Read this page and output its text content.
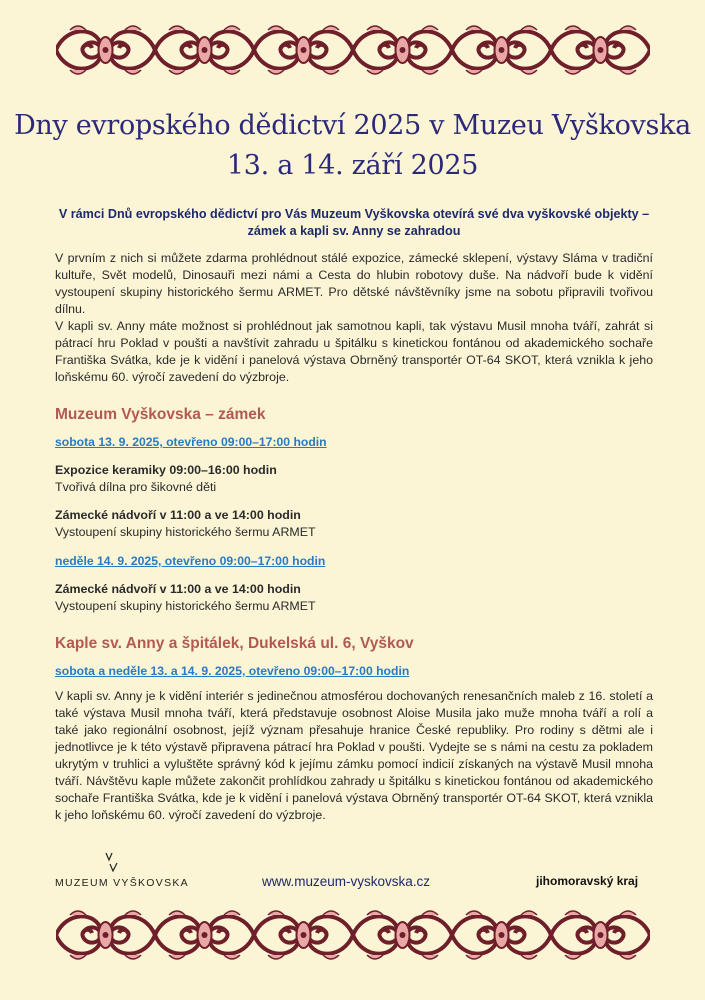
Dny evropského dědictví 2025 v Muzeu Vyškovska
13. a 14. září 2025
V rámci Dnů evropského dědictví pro Vás Muzeum Vyškovska otevírá své dva vyškovské objekty – zámek a kapli sv. Anny se zahradou
V prvním z nich si můžete zdarma prohlédnout stálé expozice, zámecké sklepení, výstavy Sláma v tradiční kultuře, Svět modelů, Dinosauři mezi námi a Cesta do hlubin robotovy duše. Na nádvoří bude k vidění vystoupení skupiny historického šermu ARMET. Pro dětské návštěvníky jsme na sobotu připravili tvořivou dílnu.
V kapli sv. Anny máte možnost si prohlédnout jak samotnou kapli, tak výstavu Musil mnoha tváří, zahrát si pátrací hru Poklad v poušti a navštívit zahradu u špitálku s kinetickou fontánou od akademického sochaře Františka Svátka, kde je k vidění i panelová výstava Obrněný transportér OT-64 SKOT, která vznikla k jeho loňskému 60. výročí zavedení do výzbroje.
Muzeum Vyškovska – zámek
sobota 13. 9. 2025, otevřeno 09:00–17:00 hodin
Expozice keramiky 09:00–16:00 hodin
Tvořivá dílna pro šikovné děti
Zámecké nádvoří v 11:00 a ve 14:00 hodin
Vystoupení skupiny historického šermu ARMET
neděle 14. 9. 2025, otevřeno 09:00–17:00 hodin
Zámecké nádvoří v 11:00 a ve 14:00 hodin
Vystoupení skupiny historického šermu ARMET
Kaple sv. Anny a špitálek, Dukelská ul. 6, Vyškov
sobota a neděle 13. a 14. 9. 2025, otevřeno 09:00–17:00 hodin
V kapli sv. Anny je k vidění interiér s jedinečnou atmosférou dochovaných renesančních maleb z 16. století a také výstava Musil mnoha tváří, která představuje osobnost Aloise Musila jako muže mnoha tváří a rolí a také jako regionální osobnost, jejíž význam přesahuje hranice České republiky. Pro rodiny s dětmi ale i jednotlivce je k této výstavě připravena pátrací hra Poklad v poušti. Vydejte se s námi na cestu za pokladem ukrytým v truhlici a vyluštěte správný kód k jejímu zámku pomocí indicií získaných na výstavě Musil mnoha tváří. Návštěvu kaple můžete zakončit prohlídkou zahrady u špitálku s kinetickou fontánou od akademického sochaře Františka Svátka, kde je k vidění i panelová výstava Obrněný transportér OT-64 SKOT, která vznikla k jeho loňskému 60. výročí zavedení do výzbroje.
MUZEUM VYŠKOVSKA	www.muzeum-vyskovska.cz	jihomoravský kraj
